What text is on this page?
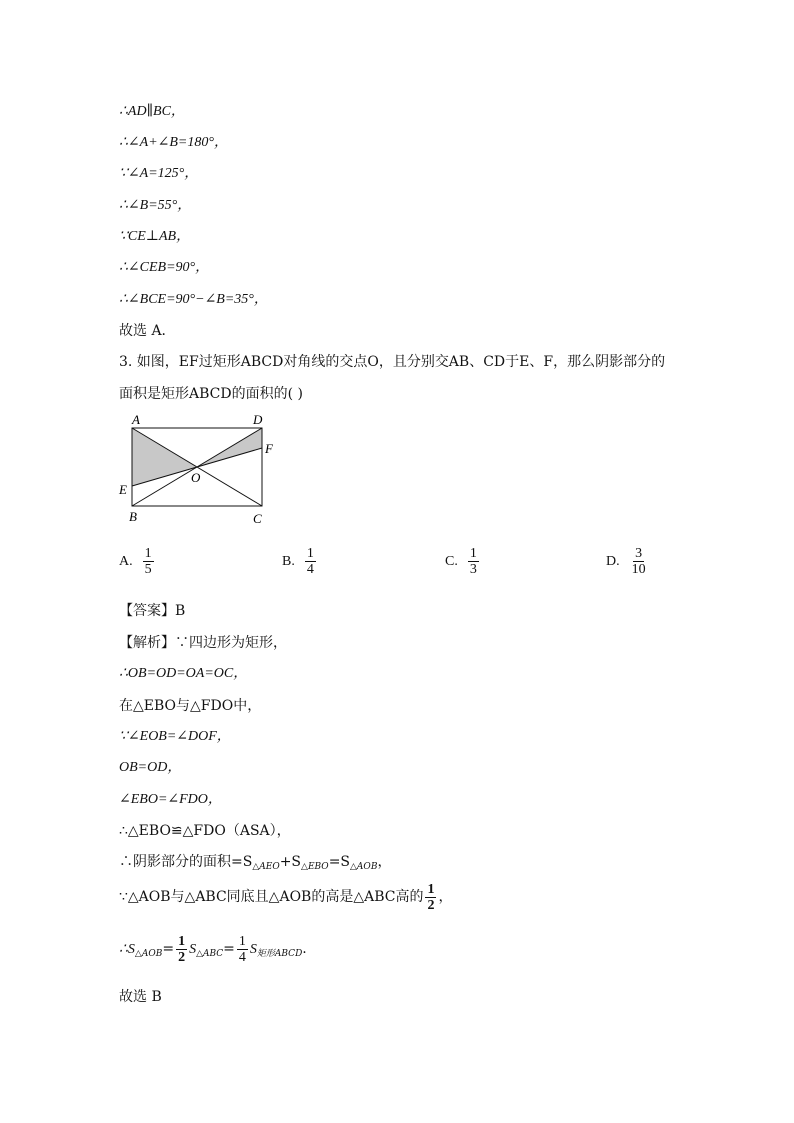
∴AD∥BC，
∴∠A+∠B=180°，
∵∠A=125°，
∴∠B=55°，
∵CE⊥AB，
∴∠CEB=90°，
∴∠BCE=90°−∠B=35°，
故选 A．
3. 如图，EF过矩形ABCD对角线的交点O，且分别交AB、CD于E、F，那么阴影部分的
面积是矩形ABCD的面积的( )
A	D
F
O
E
B	C
A. $\frac{1}{5}$	B. $\frac{1}{4}$	C. $\frac{1}{3}$	D. $\frac{3}{10}$
【答案】B
【解析】∵四边形为矩形，
∴OB=OD=OA=OC，
在△EBO与△FDO中，
∵∠EOB=∠DOF，
OB=OD，
∠EBO=∠FDO，
∴△EBO≌△FDO（ASA），
∴阴影部分的面积$=S_{\triangle AEO}+S_{\triangle EBO}=S_{\triangle AOB}$，
∵△AOB与△ABC同底且△AOB的高是△ABC高的 $\frac{1}{2}$ ，
$\therefore S_{\triangle AOB}= \frac{1}{2} S_{\triangle ABC}= \frac{1}{4} S_{矩形ABCD}$.
故选 B
